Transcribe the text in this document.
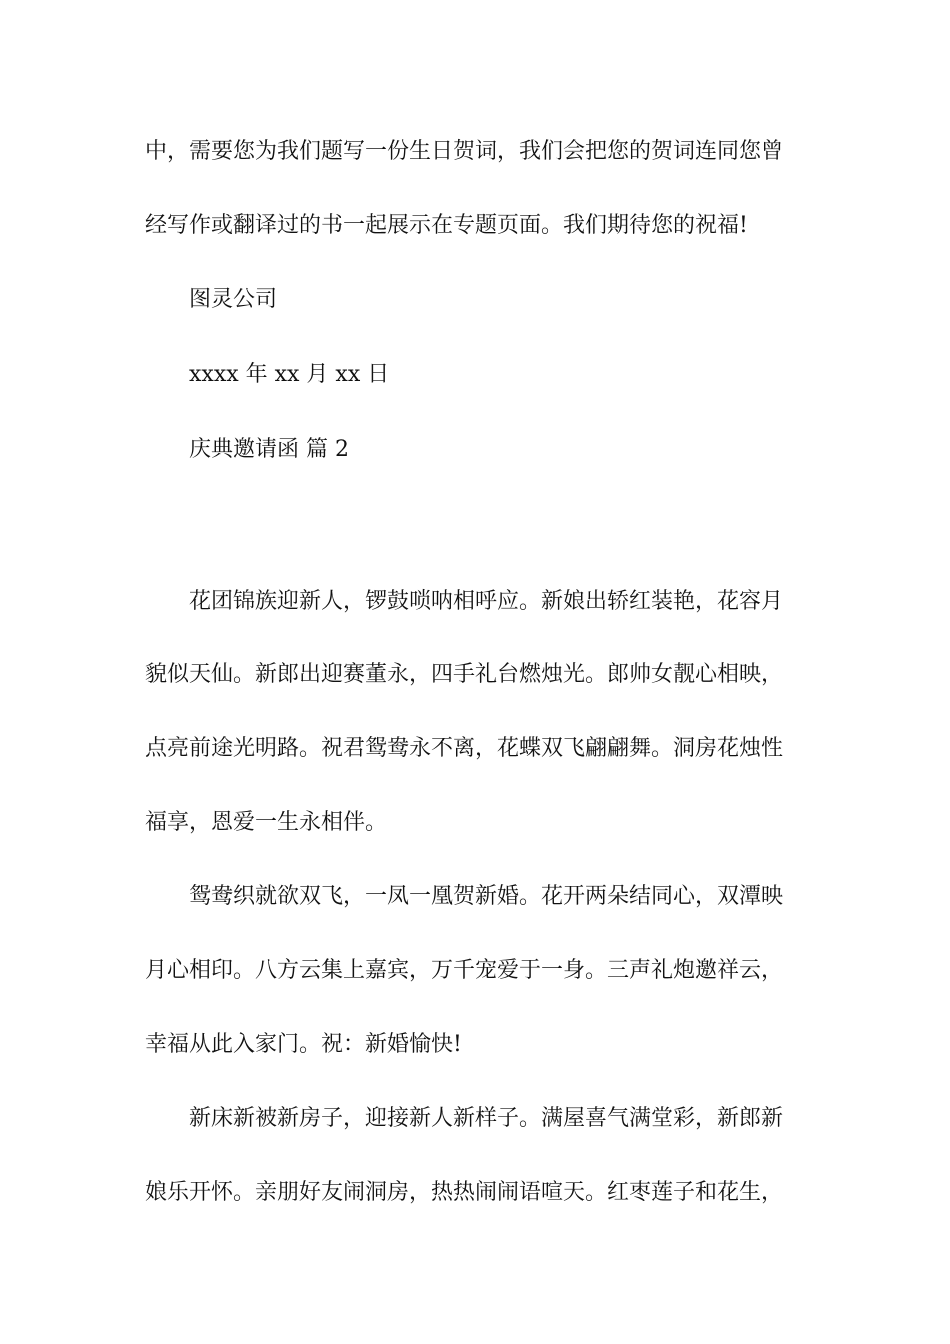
中，需要您为我们题写一份生日贺词，我们会把您的贺词连同您曾
经写作或翻译过的书一起展示在专题页面。我们期待您的祝福!
图灵公司
xxxx 年 xx 月 xx 日
庆典邀请函 篇 2
花团锦族迎新人，锣鼓唢呐相呼应。新娘出轿红装艳，花容月
貌似天仙。新郎出迎赛董永，四手礼台燃烛光。郎帅女靓心相映，
点亮前途光明路。祝君鸳鸯永不离，花蝶双飞翩翩舞。洞房花烛性
福享，恩爱一生永相伴。
鸳鸯织就欲双飞，一凤一凰贺新婚。花开两朵结同心，双潭映
月心相印。八方云集上嘉宾，万千宠爱于一身。三声礼炮邀祥云，
幸福从此入家门。祝：新婚愉快!
新床新被新房子，迎接新人新样子。满屋喜气满堂彩，新郎新
娘乐开怀。亲朋好友闹洞房，热热闹闹语喧天。红枣莲子和花生，
